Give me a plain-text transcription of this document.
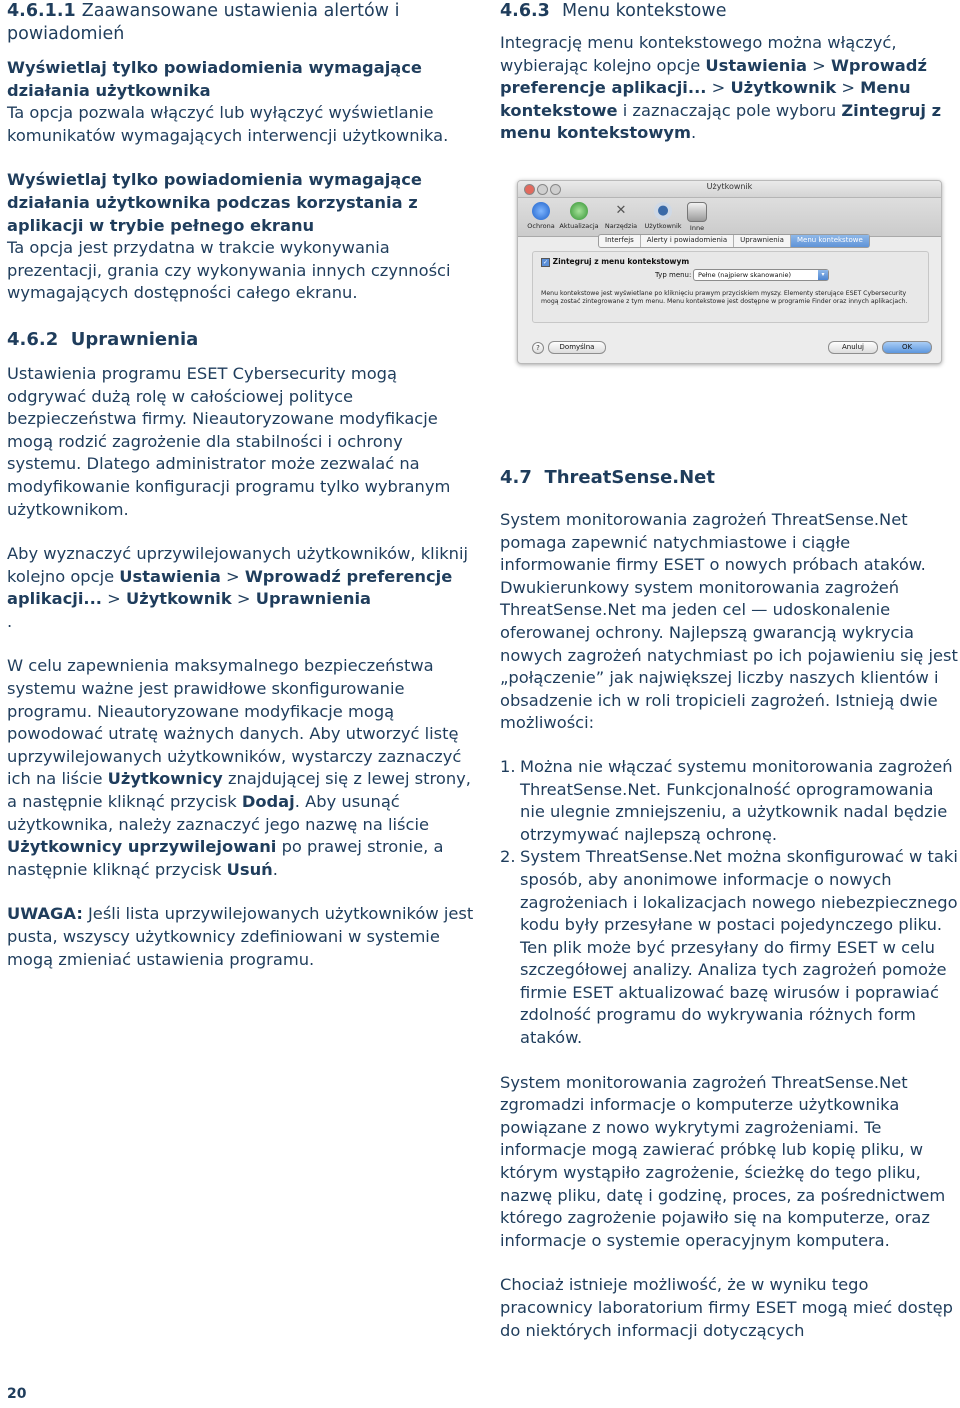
4.6.1.1 Zaawansowane ustawienia alertów i powiadomień

Wyświetlaj tylko powiadomienia wymagające działania użytkownika

Ta opcja pozwala włączyć lub wyłączyć wyświetlanie komunikatów wymagających interwencji użytkownika.

Wyświetlaj tylko powiadomienia wymagające działania użytkownika podczas korzystania z aplikacji w trybie pełnego ekranu

Ta opcja jest przydatna w trakcie wykonywania prezentacji, grania czy wykonywania innych czynności wymagających dostępności całego ekranu.

4.6.2 Uprawnienia

Ustawienia programu ESET Cybersecurity mogą odgrywać dużą rolę w całościowej polityce bezpieczeństwa firmy. Nieautoryzowane modyfikacje mogą rodzić zagrożenie dla stabilności i ochrony systemu. Dlatego administrator może zezwalać na modyfikowanie konfiguracji programu tylko wybranym użytkownikom.

Aby wyznaczyć uprzywilejowanych użytkowników, kliknij kolejno opcje Ustawienia > Wprowadź preferencje aplikacji... > Użytkownik > Uprawnienia
.

W celu zapewnienia maksymalnego bezpieczeństwa systemu ważne jest prawidłowe skonfigurowanie programu. Nieautoryzowane modyfikacje mogą powodować utratę ważnych danych. Aby utworzyć listę uprzywilejowanych użytkowników, wystarczy zaznaczyć ich na liście Użytkownicy znajdującej się z lewej strony, a następnie kliknąć przycisk Dodaj. Aby usunąć użytkownika, należy zaznaczyć jego nazwę na liście Użytkownicy uprzywilejowani po prawej stronie, a następnie kliknąć przycisk Usuń.

UWAGA: Jeśli lista uprzywilejowanych użytkowników jest pusta, wszyscy użytkownicy zdefiniowani w systemie mogą zmieniać ustawienia programu.

4.6.3 Menu kontekstowe

Integrację menu kontekstowego można włączyć, wybierając kolejno opcje Ustawienia > Wprowadź preferencje aplikacji... > Użytkownik > Menu kontekstowe i zaznaczając pole wyboru Zintegruj z menu kontekstowym.

Użytkownik
Ochrona Aktualizacja
✕
Narzędzia
●
Użytkownik	Inne
Interfejs	Alerty i powiadomienia	Uprawnienia	Menu kontekstowe
✓ Zintegruj z menu kontekstowym
Typ menu:	Pełne (najpierw skanowanie)	▾
Menu kontekstowe jest wyświetlane po kliknięciu prawym przyciskiem myszy. Elementy sterujące ESET Cybersecurity mogą zostać zintegrowane z tym menu. Menu kontekstowe jest dostępne w programie Finder oraz innych aplikacjach.
?	Domyślna	Anuluj	OK
4.7 ThreatSense.Net

System monitorowania zagrożeń ThreatSense.Net pomaga zapewnić natychmiastowe i ciągłe informowanie firmy ESET o nowych próbach ataków. Dwukierunkowy system monitorowania zagrożeń ThreatSense.Net ma jeden cel — udoskonalenie oferowanej ochrony. Najlepszą gwarancją wykrycia nowych zagrożeń natychmiast po ich pojawieniu się jest „połączenie” jak największej liczby naszych klientów i obsadzenie ich w roli tropicieli zagrożeń. Istnieją dwie możliwości:

1. Można nie włączać systemu monitorowania zagrożeń ThreatSense.Net. Funkcjonalność oprogramowania nie ulegnie zmniejszeniu, a użytkownik nadal będzie otrzymywać najlepszą ochronę.
2. System ThreatSense.Net można skonfigurować w taki sposób, aby anonimowe informacje o nowych zagrożeniach i lokalizacjach nowego niebezpiecznego kodu były przesyłane w postaci pojedynczego pliku. Ten plik może być przesyłany do firmy ESET w celu szczegółowej analizy. Analiza tych zagrożeń pomoże firmie ESET aktualizować bazę wirusów i poprawiać zdolność programu do wykrywania różnych form ataków.

System monitorowania zagrożeń ThreatSense.Net zgromadzi informacje o komputerze użytkownika powiązane z nowo wykrytymi zagrożeniami. Te informacje mogą zawierać próbkę lub kopię pliku, w którym wystąpiło zagrożenie, ścieżkę do tego pliku, nazwę pliku, datę i godzinę, proces, za pośrednictwem którego zagrożenie pojawiło się na komputerze, oraz informacje o systemie operacyjnym komputera.

Chociaż istnieje możliwość, że w wyniku tego pracownicy laboratorium firmy ESET mogą mieć dostęp do niektórych informacji dotyczących

20
